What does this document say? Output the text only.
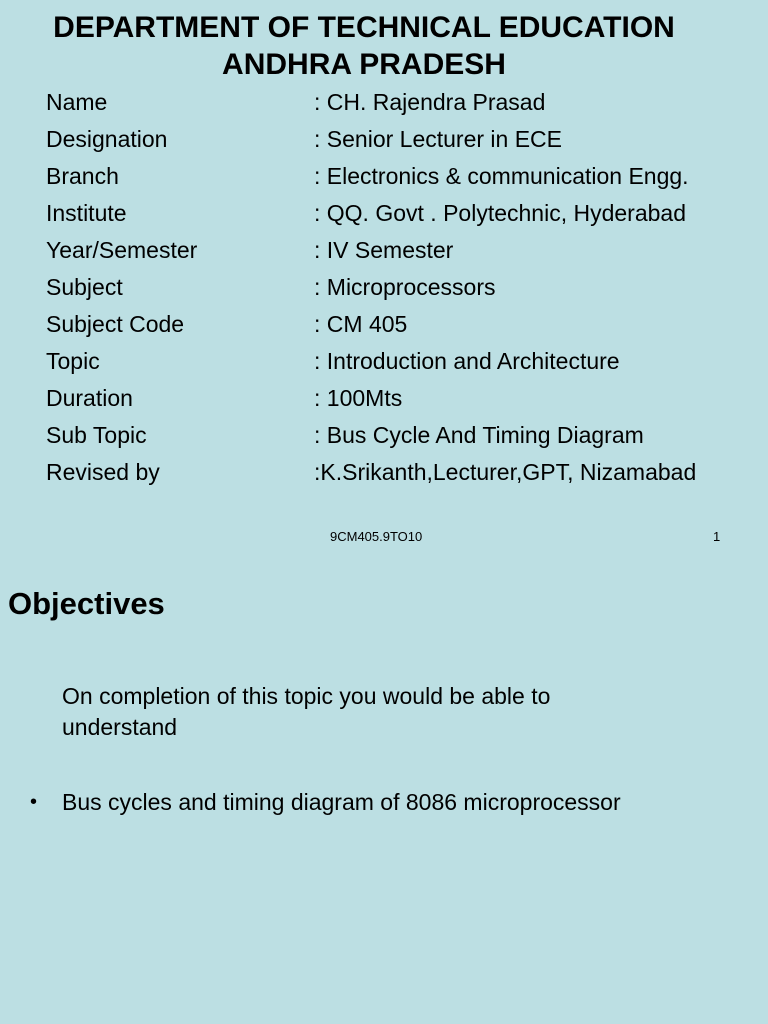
DEPARTMENT OF TECHNICAL EDUCATION
ANDHRA PRADESH
Name	: CH. Rajendra Prasad
Designation	: Senior Lecturer in ECE
Branch	: Electronics & communication Engg.
Institute	: QQ. Govt . Polytechnic, Hyderabad
Year/Semester	: IV Semester
Subject	: Microprocessors
Subject Code	: CM 405
Topic	: Introduction and Architecture
Duration	: 100Mts
Sub Topic	: Bus Cycle And Timing Diagram
Revised by	:K.Srikanth,Lecturer,GPT, Nizamabad
9CM405.9TO10	1
Objectives

On completion of this topic you would be able to understand

• Bus cycles and timing diagram of 8086 microprocessor
